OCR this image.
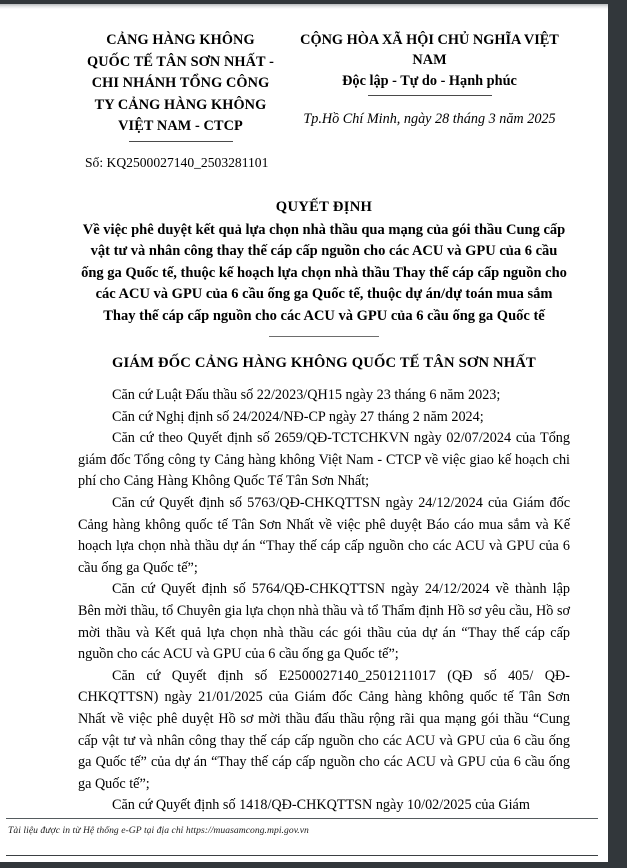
CẢNG HÀNG KHÔNG
QUỐC TẾ TÂN SƠN NHẤT -
CHI NHÁNH TỔNG CÔNG
TY CẢNG HÀNG KHÔNG
VIỆT NAM - CTCP
CỘNG HÒA XÃ HỘI CHỦ NGHĨA VIỆT NAM
Độc lập - Tự do - Hạnh phúc
Tp.Hồ Chí Minh, ngày 28 tháng 3 năm 2025
Số: KQ2500027140_2503281101
QUYẾT ĐỊNH
Về việc phê duyệt kết quả lựa chọn nhà thầu qua mạng của gói thầu Cung cấp vật tư và nhân công thay thế cáp cấp nguồn cho các ACU và GPU của 6 cầu ống ga Quốc tế, thuộc kế hoạch lựa chọn nhà thầu Thay thế cáp cấp nguồn cho các ACU và GPU của 6 cầu ống ga Quốc tế, thuộc dự án/dự toán mua sắm Thay thế cáp cấp nguồn cho các ACU và GPU của 6 cầu ống ga Quốc tế
GIÁM ĐỐC CẢNG HÀNG KHÔNG QUỐC TẾ TÂN SƠN NHẤT

Căn cứ Luật Đấu thầu số 22/2023/QH15 ngày 23 tháng 6 năm 2023;

Căn cứ Nghị định số 24/2024/NĐ-CP ngày 27 tháng 2 năm 2024;

Căn cứ theo Quyết định số 2659/QĐ-TCTCHKVN ngày 02/07/2024 của Tổng giám đốc Tổng công ty Cảng hàng không Việt Nam - CTCP về việc giao kế hoạch chi phí cho Cảng Hàng Không Quốc Tế Tân Sơn Nhất;

Căn cứ Quyết định số 5763/QĐ-CHKQTTSN ngày 24/12/2024 của Giám đốc Cảng hàng không quốc tế Tân Sơn Nhất về việc phê duyệt Báo cáo mua sắm và Kế hoạch lựa chọn nhà thầu dự án “Thay thế cáp cấp nguồn cho các ACU và GPU của 6 cầu ống ga Quốc tế”;

Căn cứ Quyết định số 5764/QĐ-CHKQTTSN ngày 24/12/2024 về thành lập Bên mời thầu, tổ Chuyên gia lựa chọn nhà thầu và tổ Thẩm định Hồ sơ yêu cầu, Hồ sơ mời thầu và Kết quả lựa chọn nhà thầu các gói thầu của dự án “Thay thế cáp cấp nguồn cho các ACU và GPU của 6 cầu ống ga Quốc tế”;

Căn cứ Quyết định số E2500027140_2501211017 (QĐ số 405/ QĐ-CHKQTTSN) ngày 21/01/2025 của Giám đốc Cảng hàng không quốc tế Tân Sơn Nhất về việc phê duyệt Hồ sơ mời thầu đấu thầu rộng rãi qua mạng gói thầu “Cung cấp vật tư và nhân công thay thế cáp cấp nguồn cho các ACU và GPU của 6 cầu ống ga Quốc tế” của dự án “Thay thế cáp cấp nguồn cho các ACU và GPU của 6 cầu ống ga Quốc tế”;

Căn cứ Quyết định số 1418/QĐ-CHKQTTSN ngày 10/02/2025 của Giám

Tài liệu được in từ Hệ thống e-GP tại địa chỉ https://muasamcong.mpi.gov.vn
